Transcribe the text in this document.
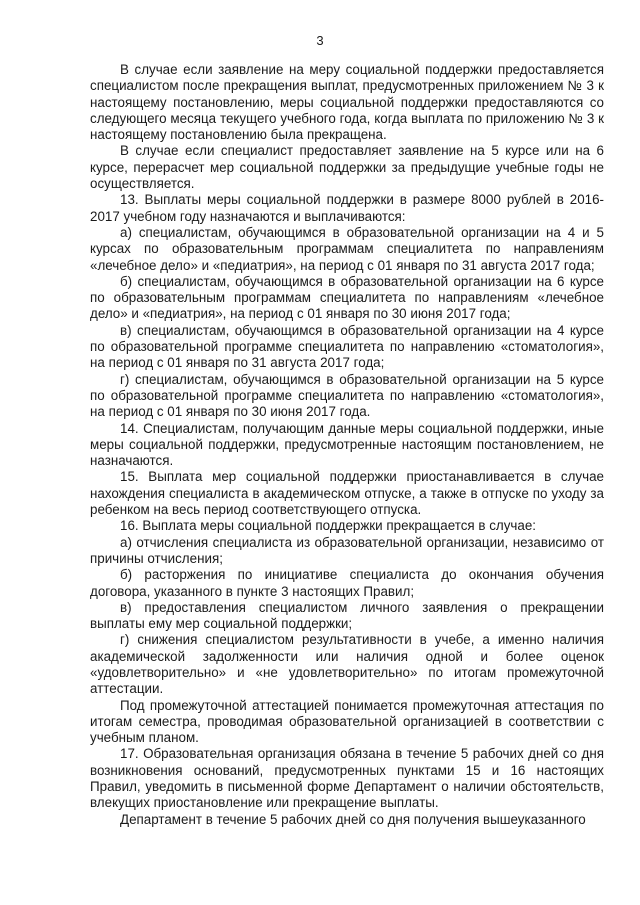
3

В случае если заявление на меру социальной поддержки предоставляется специалистом после прекращения выплат, предусмотренных приложением № 3 к настоящему постановлению, меры социальной поддержки предоставляются со следующего месяца текущего учебного года, когда выплата по приложению № 3 к настоящему постановлению была прекращена.

В случае если специалист предоставляет заявление на 5 курсе или на 6 курсе, перерасчет мер социальной поддержки за предыдущие учебные годы не осуществляется.

13. Выплаты меры социальной поддержки в размере 8000 рублей в 2016-2017 учебном году назначаются и выплачиваются:

а) специалистам, обучающимся в образовательной организации на 4 и 5 курсах по образовательным программам специалитета по направлениям «лечебное дело» и «педиатрия», на период с 01 января по 31 августа 2017 года;

б) специалистам, обучающимся в образовательной организации на 6 курсе по образовательным программам специалитета по направлениям «лечебное дело» и «педиатрия», на период с 01 января по 30 июня 2017 года;

в) специалистам, обучающимся в образовательной организации на 4 курсе по образовательной программе специалитета по направлению «стоматология», на период с 01 января по 31 августа 2017 года;

г) специалистам, обучающимся в образовательной организации на 5 курсе по образовательной программе специалитета по направлению «стоматология», на период с 01 января по 30 июня 2017 года.

14. Специалистам, получающим данные меры социальной поддержки, иные меры социальной поддержки, предусмотренные настоящим постановлением, не назначаются.

15. Выплата мер социальной поддержки приостанавливается в случае нахождения специалиста в академическом отпуске, а также в отпуске по уходу за ребенком на весь период соответствующего отпуска.

16. Выплата меры социальной поддержки прекращается в случае:

а) отчисления специалиста из образовательной организации, независимо от причины отчисления;

б) расторжения по инициативе специалиста до окончания обучения договора, указанного в пункте 3 настоящих Правил;

в) предоставления специалистом личного заявления о прекращении выплаты ему мер социальной поддержки;

г) снижения специалистом результативности в учебе, а именно наличия академической задолженности или наличия одной и более оценок «удовлетворительно» и «не удовлетворительно» по итогам промежуточной аттестации.

Под промежуточной аттестацией понимается промежуточная аттестация по итогам семестра, проводимая образовательной организацией в соответствии с учебным планом.

17. Образовательная организация обязана в течение 5 рабочих дней со дня возникновения оснований, предусмотренных пунктами 15 и 16 настоящих Правил, уведомить в письменной форме Департамент о наличии обстоятельств, влекущих приостановление или прекращение выплаты.

Департамент в течение 5 рабочих дней со дня получения вышеуказанного
